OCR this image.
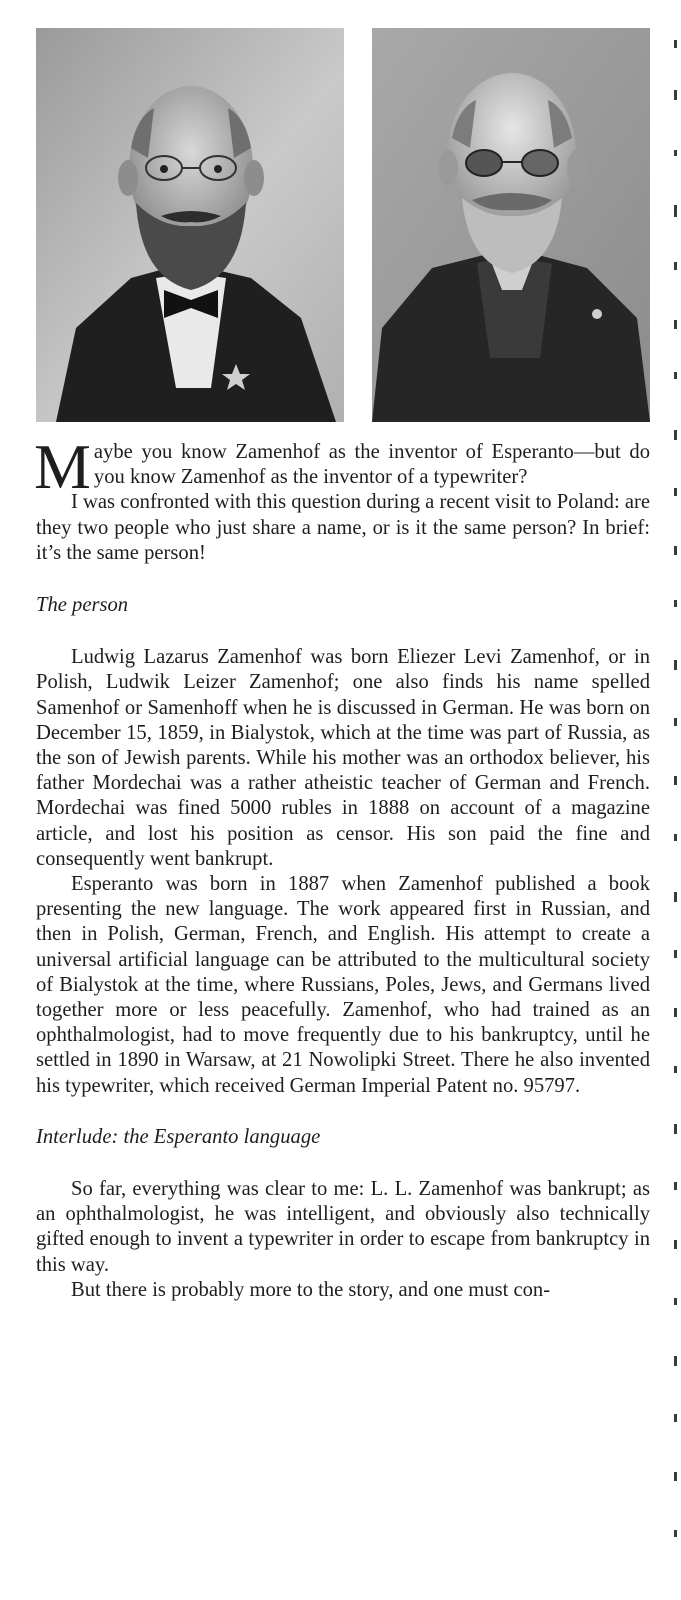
Maybe you know Zamenhof as the inventor of Esperanto—but do you know Zamenhof as the inventor of a typewriter?

I was confronted with this question during a recent visit to Poland: are they two people who just share a name, or is it the same person? In brief: it’s the same person!

The person

Ludwig Lazarus Zamenhof was born Eliezer Levi Zamenhof, or in Polish, Ludwik Leizer Zamenhof; one also finds his name spelled Samenhof or Samenhoff when he is discussed in German. He was born on December 15, 1859, in Bialystok, which at the time was part of Russia, as the son of Jewish parents. While his mother was an orthodox believer, his father Mordechai was a rather atheistic teacher of German and French. Mordechai was fined 5000 rubles in 1888 on account of a magazine article, and lost his position as censor. His son paid the fine and consequently went bankrupt.

Esperanto was born in 1887 when Zamenhof published a book presenting the new language. The work appeared first in Russian, and then in Polish, German, French, and English. His attempt to create a universal artificial language can be attributed to the multicultural society of Bialystok at the time, where Russians, Poles, Jews, and Germans lived together more or less peacefully. Zamenhof, who had trained as an ophthalmologist, had to move frequently due to his bankruptcy, until he settled in 1890 in Warsaw, at 21 Nowolipki Street. There he also invented his typewriter, which received German Imperial Patent no. 95797.

Interlude: the Esperanto language

So far, everything was clear to me: L. L. Zamenhof was bankrupt; as an ophthalmologist, he was intelligent, and obviously also technically gifted enough to invent a typewriter in order to escape from bankruptcy in this way.

But there is probably more to the story, and one must con-
